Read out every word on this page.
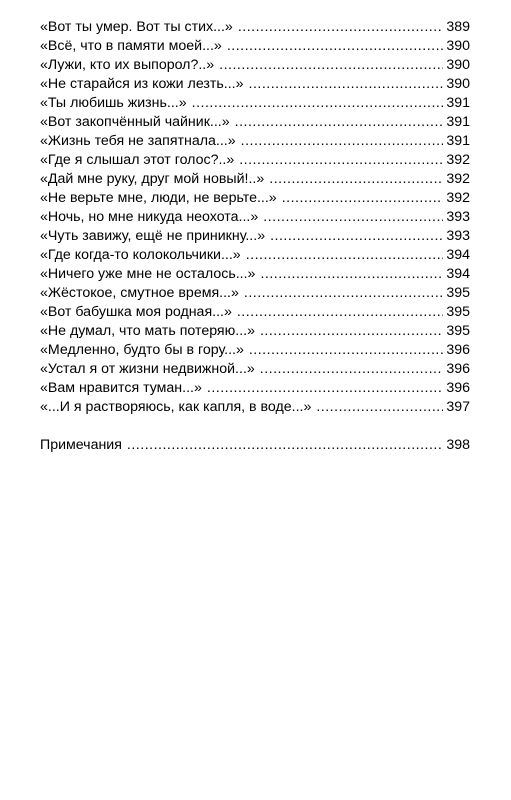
«Вот ты умер. Вот ты стих...» .....	389
«Всё, что в памяти моей...» .....	390
«Лужи, кто их выпорол?..» .....	390
«Не старайся из кожи лезть...» .....	390
«Ты любишь жизнь...» .....	391
«Вот закопчённый чайник...» .....	391
«Жизнь тебя не запятнала...» .....	391
«Где я слышал этот голос?..» .....	392
«Дай мне руку, друг мой новый!..» .....	392
«Не верьте мне, люди, не верьте...» .....	392
«Ночь, но мне никуда неохота...» .....	393
«Чуть завижу, ещё не приникну...» .....	393
«Где когда-то колокольчики...» .....	394
«Ничего уже мне не осталось...» .....	394
«Жёстокое, смутное время...» .....	395
«Вот бабушка моя родная...» .....	395
«Не думал, что мать потеряю...» .....	395
«Медленно, будто бы в гору...» .....	396
«Устал я от жизни недвижной...» .....	396
«Вам нравится туман...» .....	396
«...И я растворяюсь, как капля, в воде...» .....	397
Примечания .....	398
